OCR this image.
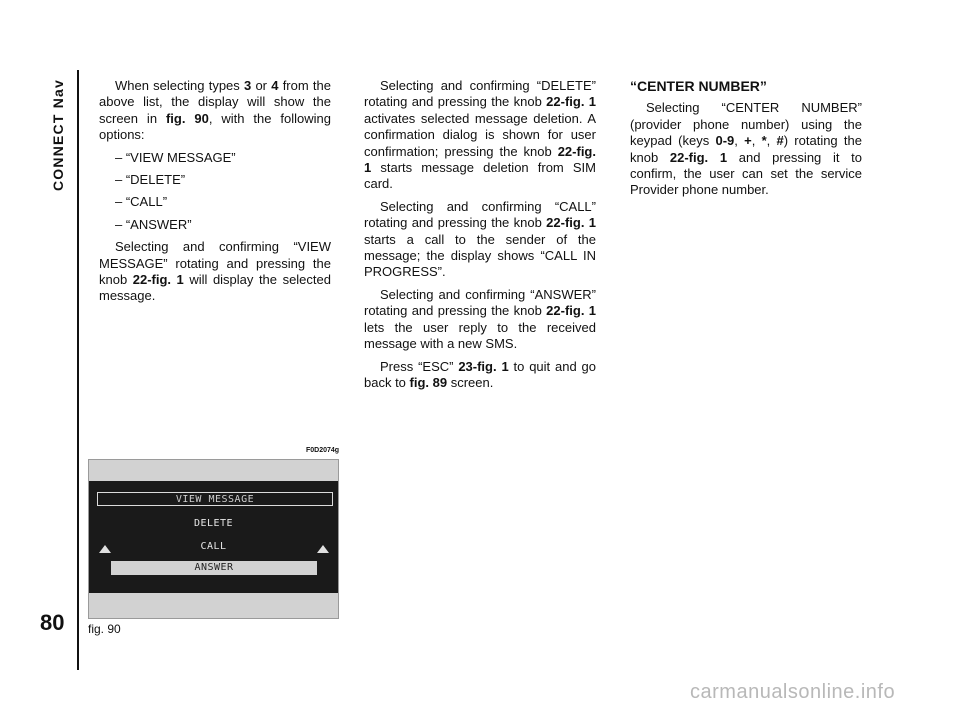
CONNECT Nav
80

When selecting types 3 or 4 from the above list, the display will show the screen in fig. 90, with the following options:

– “VIEW MESSAGE”

– “DELETE”

– “CALL”

– “ANSWER”

Selecting and confirming “VIEW MESSAGE” rotating and pressing the knob 22-fig. 1 will display the selected message.

F0D2074g
VIEW MESSAGE
DELETE
CALL
ANSWER
fig. 90

Selecting and confirming “DELETE” rotating and pressing the knob 22-fig. 1 activates selected message deletion. A confirmation dialog is shown for user confirmation; pressing the knob 22-fig. 1 starts message deletion from SIM card.

Selecting and confirming “CALL” rotating and pressing the knob 22-fig. 1 starts a call to the sender of the message; the display shows “CALL IN PROGRESS”.

Selecting and confirming “ANSWER” rotating and pressing the knob 22-fig. 1 lets the user reply to the received message with a new SMS.

Press “ESC” 23-fig. 1 to quit and go back to fig. 89 screen.

“CENTER NUMBER”

Selecting “CENTER NUMBER” (provider phone number) using the keypad (keys 0-9, +, *, #) rotating the knob 22-fig. 1 and pressing it to confirm, the user can set the service Provider phone number.

carmanualsonline.info
